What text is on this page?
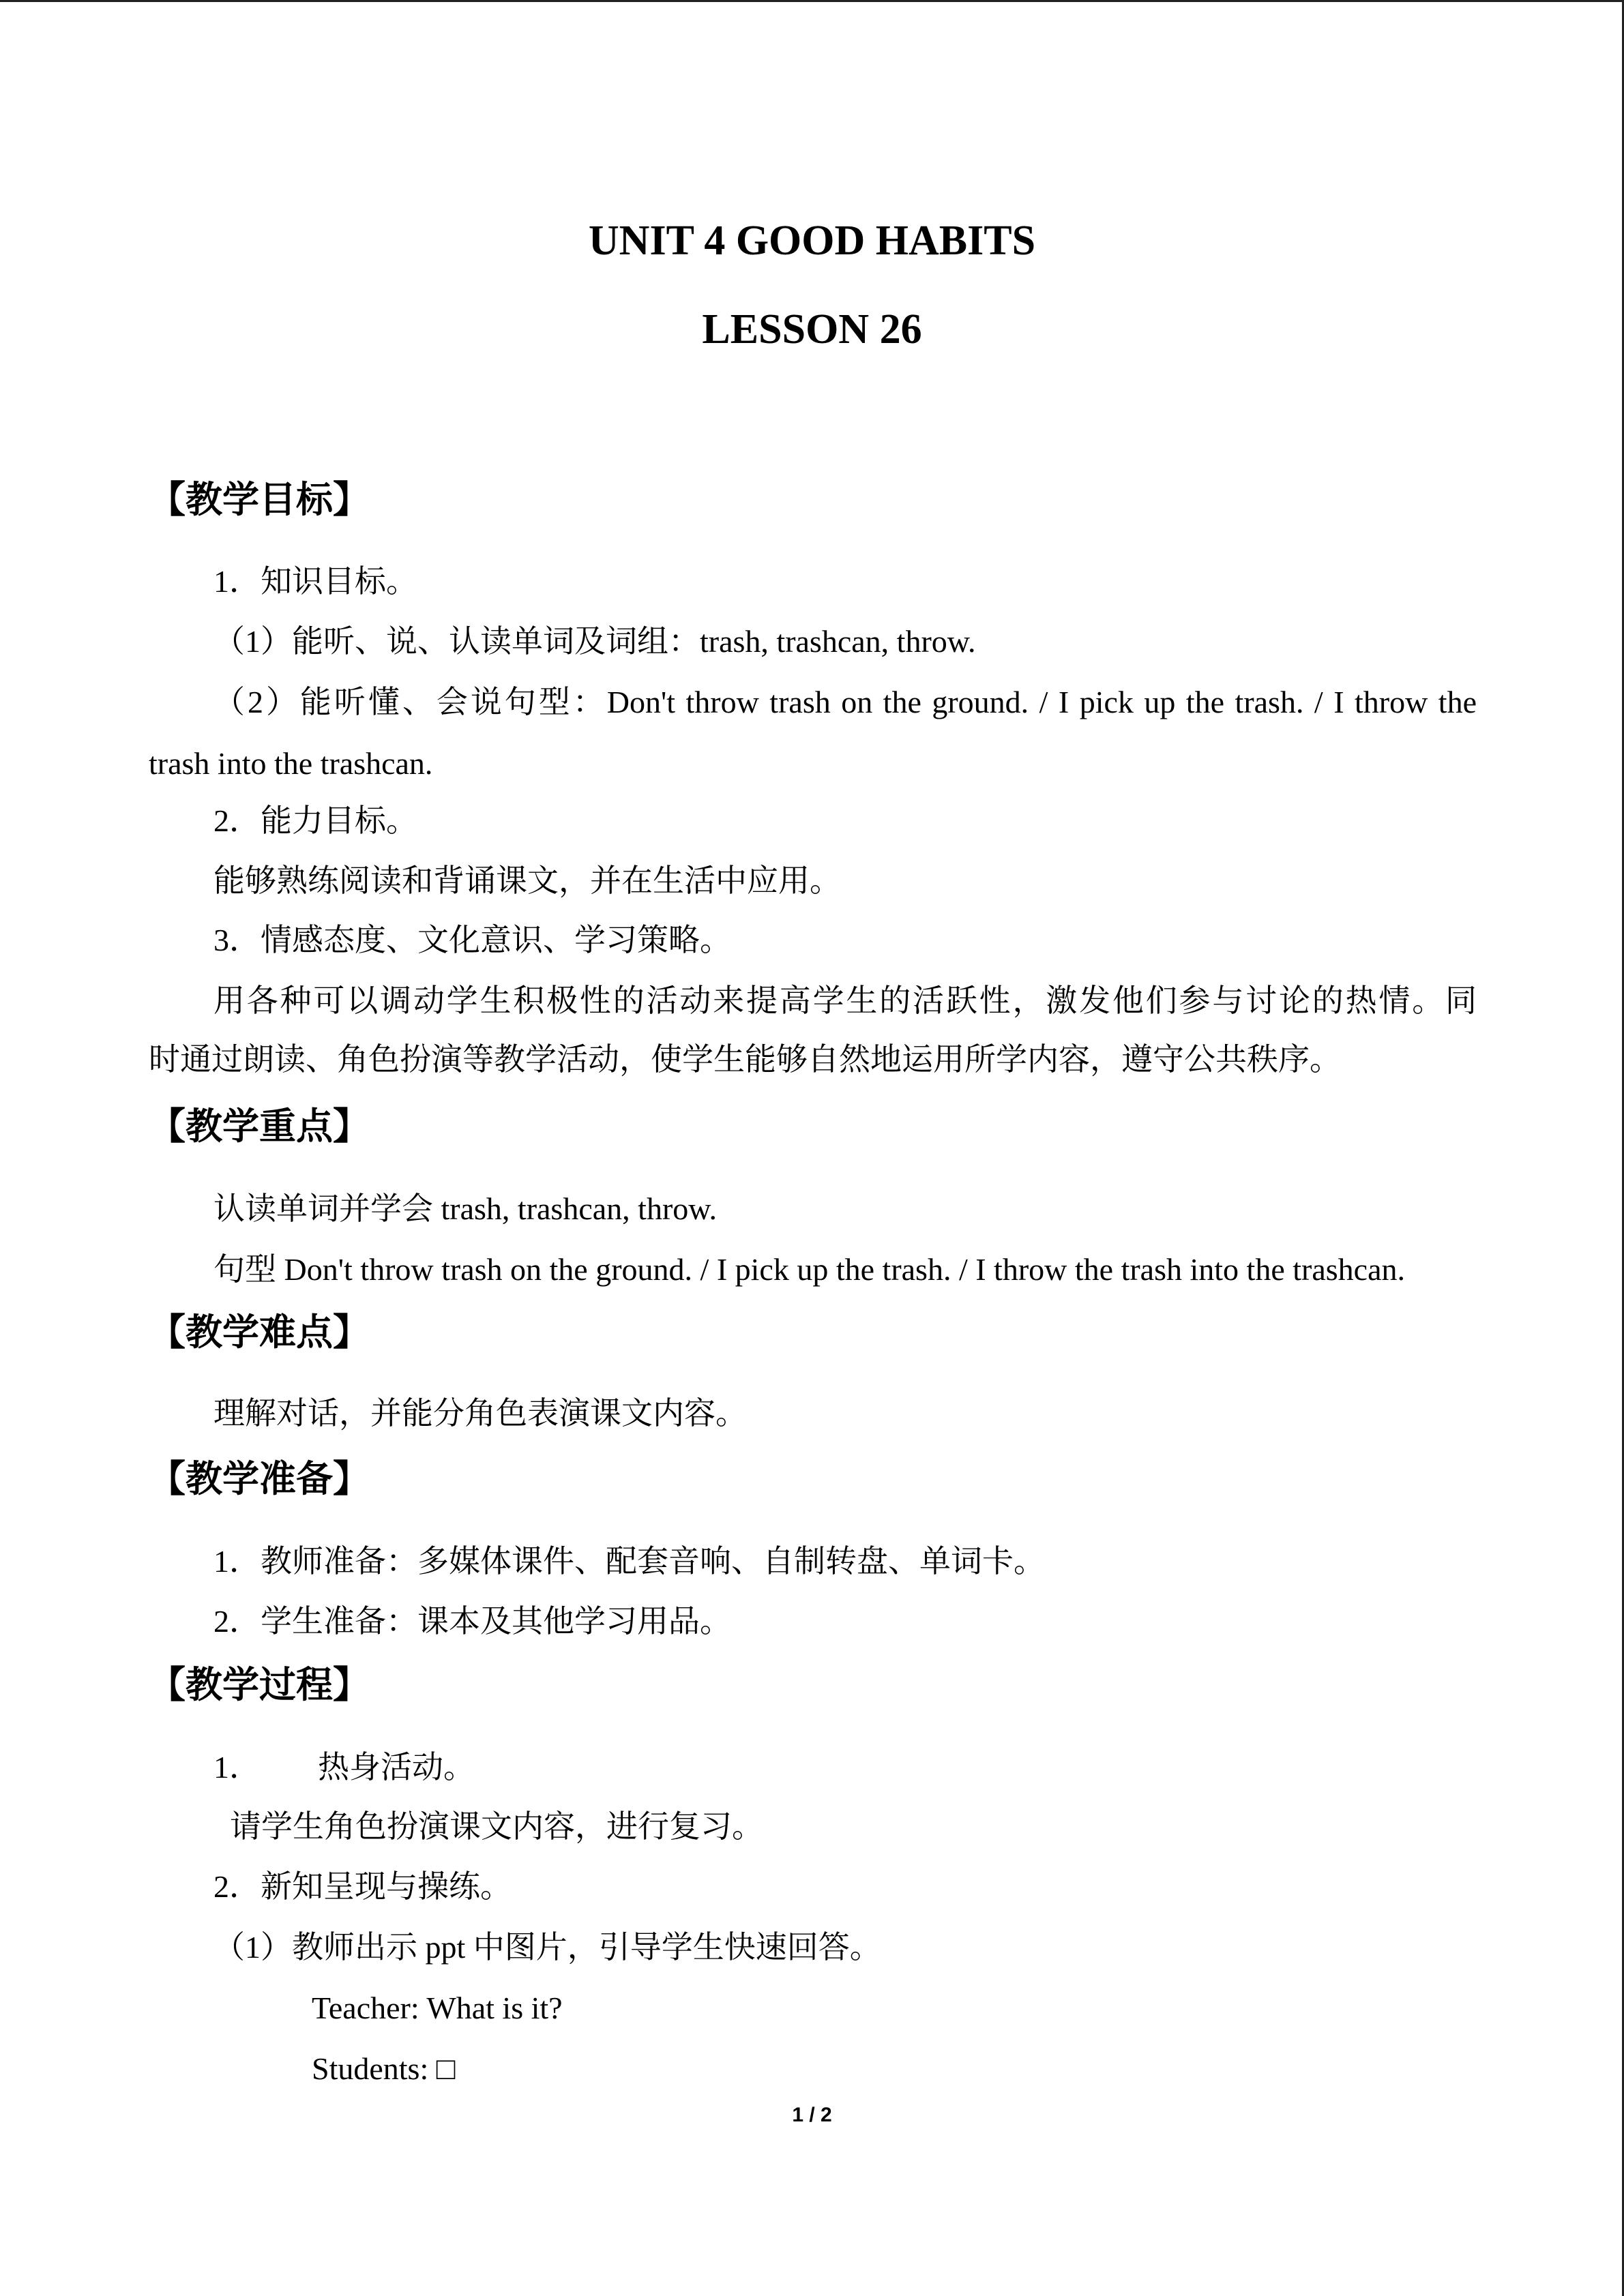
UNIT 4 GOOD HABITS
LESSON 26
【教学目标】
1．知识目标。
（1）能听、说、认读单词及词组：trash, trashcan, throw.
（2）能听懂、会说句型：Don't throw trash on the ground. / I pick up the trash. / I throw the
trash into the trashcan.
2．能力目标。
能够熟练阅读和背诵课文，并在生活中应用。
3．情感态度、文化意识、学习策略。
用各种可以调动学生积极性的活动来提高学生的活跃性，激发他们参与讨论的热情。同
时通过朗读、角色扮演等教学活动，使学生能够自然地运用所学内容，遵守公共秩序。
【教学重点】
认读单词并学会 trash, trashcan, throw.
句型 Don't throw trash on the ground. / I pick up the trash. / I throw the trash into the trashcan.
【教学难点】
理解对话，并能分角色表演课文内容。
【教学准备】
1．教师准备：多媒体课件、配套音响、自制转盘、单词卡。
2．学生准备：课本及其他学习用品。
【教学过程】
1． 热身活动。
请学生角色扮演课文内容，进行复习。
2．新知呈现与操练。
（1）教师出示 ppt 中图片，引导学生快速回答。
Teacher: What is it?
Students: □
1 / 2
